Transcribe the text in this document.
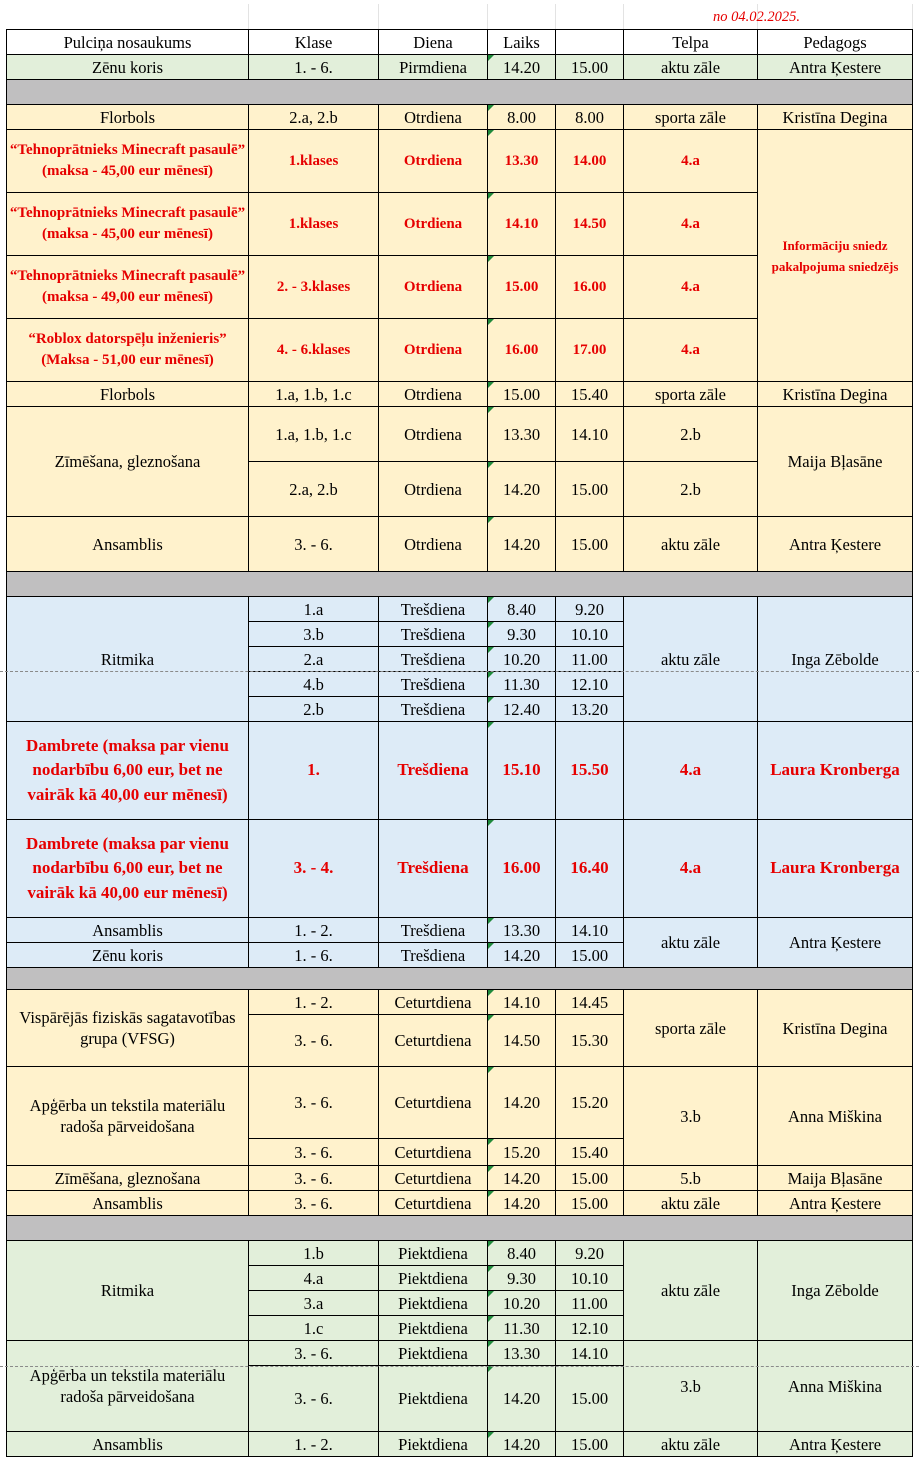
no 04.02.2025.
Pulciņa nosaukums	Klase	Diena	Laiks	Telpa	Pedagogs
Zēnu koris	1. - 6.	Pirmdiena	14.20	15.00	aktu zāle	Antra Ķestere
Florbols	2.a, 2.b	Otrdiena	8.00	8.00	sporta zāle	Kristīna Degina
“Tehnoprātnieks Minecraft pasaulē” (maksa - 45,00 eur mēnesī)
1.klases	Otrdiena	13.30	14.00	4.a
“Tehnoprātnieks Minecraft pasaulē” (maksa - 45,00 eur mēnesī)
1.klases	Otrdiena	14.10	14.50	4.a
“Tehnoprātnieks Minecraft pasaulē” (maksa - 49,00 eur mēnesī)
2. - 3.klases	Otrdiena	15.00	16.00	4.a
“Roblox datorspēļu inženieris” (Maksa - 51,00 eur mēnesī)
4. - 6.klases	Otrdiena	16.00	17.00	4.a
Informāciju sniedz pakalpojuma sniedzējs
Florbols	1.a, 1.b, 1.c	Otrdiena	15.00	15.40	sporta zāle	Kristīna Degina
Zīmēšana, gleznošana
1.a, 1.b, 1.c	Otrdiena	13.30	14.10	2.b
2.a, 2.b	Otrdiena	14.20	15.00	2.b
Maija Bļasāne
Ansamblis	3. - 6.	Otrdiena	14.20	15.00	aktu zāle	Antra Ķestere
Ritmika
1.a	Trešdiena	8.40	9.20
3.b	Trešdiena	9.30	10.10
2.a	Trešdiena	10.20	11.00
4.b	Trešdiena	11.30	12.10
2.b	Trešdiena	12.40	13.20
aktu zāle	Inga Zēbolde
Dambrete (maksa par vienu nodarbību 6,00 eur, bet ne vairāk kā 40,00 eur mēnesī)
1.	Trešdiena	15.10	15.50	4.a	Laura Kronberga
Dambrete (maksa par vienu nodarbību 6,00 eur, bet ne vairāk kā 40,00 eur mēnesī)
3. - 4.	Trešdiena	16.00	16.40	4.a	Laura Kronberga
Ansamblis	1. - 2.	Trešdiena	13.30	14.10
Zēnu koris	1. - 6.	Trešdiena	14.20	15.00
aktu zāle	Antra Ķestere
Vispārējās fiziskās sagatavotības grupa (VFSG)
1. - 2.	Ceturtdiena	14.10	14.45
3. - 6.	Ceturtdiena	14.50	15.30
sporta zāle	Kristīna Degina
Apģērba un tekstila materiālu radoša pārveidošana
3. - 6.	Ceturtdiena	14.20	15.20
3. - 6.	Ceturtdiena	15.20	15.40
3.b	Anna Miškina
Zīmēšana, gleznošana	3. - 6.	Ceturtdiena	14.20	15.00	5.b	Maija Bļasāne
Ansamblis	3. - 6.	Ceturtdiena	14.20	15.00	aktu zāle	Antra Ķestere
Ritmika
1.b	Piektdiena	8.40	9.20
4.a	Piektdiena	9.30	10.10
3.a	Piektdiena	10.20	11.00
1.c	Piektdiena	11.30	12.10
aktu zāle	Inga Zēbolde
Apģērba un tekstila materiālu radoša pārveidošana
3. - 6.	Piektdiena	13.30	14.10
3. - 6.	Piektdiena	14.20	15.00
3.b	Anna Miškina
Ansamblis	1. - 2.	Piektdiena	14.20	15.00	aktu zāle	Antra Ķestere
